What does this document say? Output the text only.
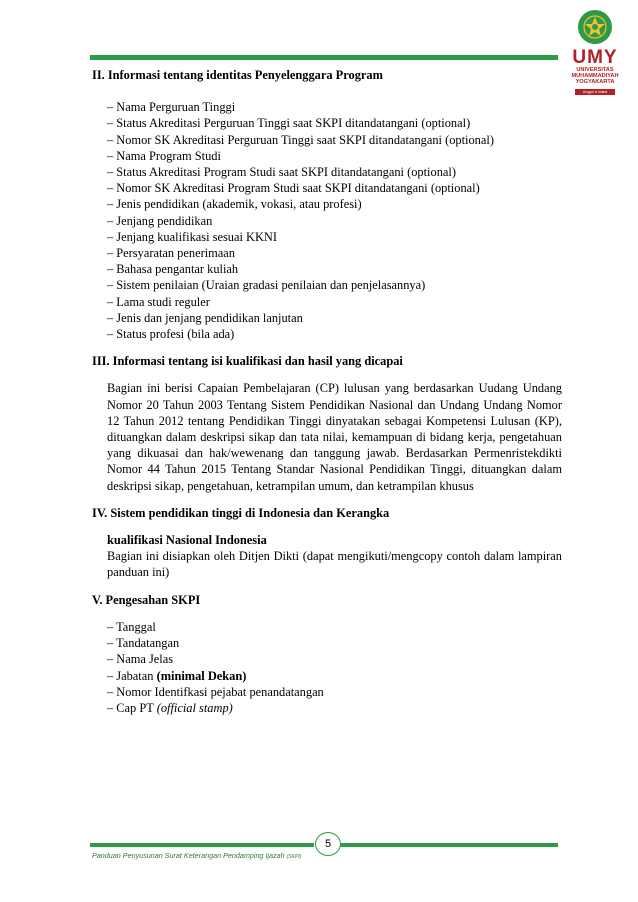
UMY
UNIVERSITAS
MUHAMMADIYAH
YOGYAKARTA
Unggul & Islami
II. Informasi tentang identitas Penyelenggara Program
– Nama Perguruan Tinggi
– Status Akreditasi Perguruan Tinggi saat SKPI ditandatangani (optional)
– Nomor SK Akreditasi Perguruan Tinggi saat SKPI ditandatangani (optional)
– Nama Program Studi
– Status Akreditasi Program Studi saat SKPI ditandatangani (optional)
– Nomor SK Akreditasi Program Studi saat SKPI ditandatangani (optional)
– Jenis pendidikan (akademik, vokasi, atau profesi)
– Jenjang pendidikan
– Jenjang kualifikasi sesuai KKNI
– Persyaratan penerimaan
– Bahasa pengantar kuliah
– Sistem penilaian (Uraian gradasi penilaian dan penjelasannya)
– Lama studi reguler
– Jenis dan jenjang pendidikan lanjutan
– Status profesi (bila ada)
III. Informasi tentang isi kualifikasi dan hasil yang dicapai

Bagian ini berisi Capaian Pembelajaran (CP) lulusan yang berdasarkan Uudang Undang Nomor 20 Tahun 2003 Tentang Sistem Pendidikan Nasional dan Undang Undang Nomor 12 Tahun 2012 tentang Pendidikan Tinggi dinyatakan sebagai Kompetensi Lulusan (KP), dituangkan dalam deskripsi sikap dan tata nilai, kemampuan di bidang kerja, pengetahuan yang dikuasai dan hak/wewenang dan tanggung jawab. Berdasarkan Permenristekdikti Nomor 44 Tahun 2015 Tentang Standar Nasional Pendidikan Tinggi, dituangkan dalam deskripsi sikap, pengetahuan, ketrampilan umum, dan ketrampilan khusus

IV. Sistem pendidikan tinggi di Indonesia dan Kerangka
kualifikasi Nasional Indonesia

Bagian ini disiapkan oleh Ditjen Dikti (dapat mengikuti/mengcopy contoh dalam lampiran panduan ini)

V. Pengesahan SKPI
– Tanggal
– Tandatangan
– Nama Jelas
– Jabatan (minimal Dekan)
– Nomor Identifkasi pejabat penandatangan
– Cap PT (official stamp)
5
Panduan Penyusunan Surat Keterangan Pendamping Ijazah (SKPI)
